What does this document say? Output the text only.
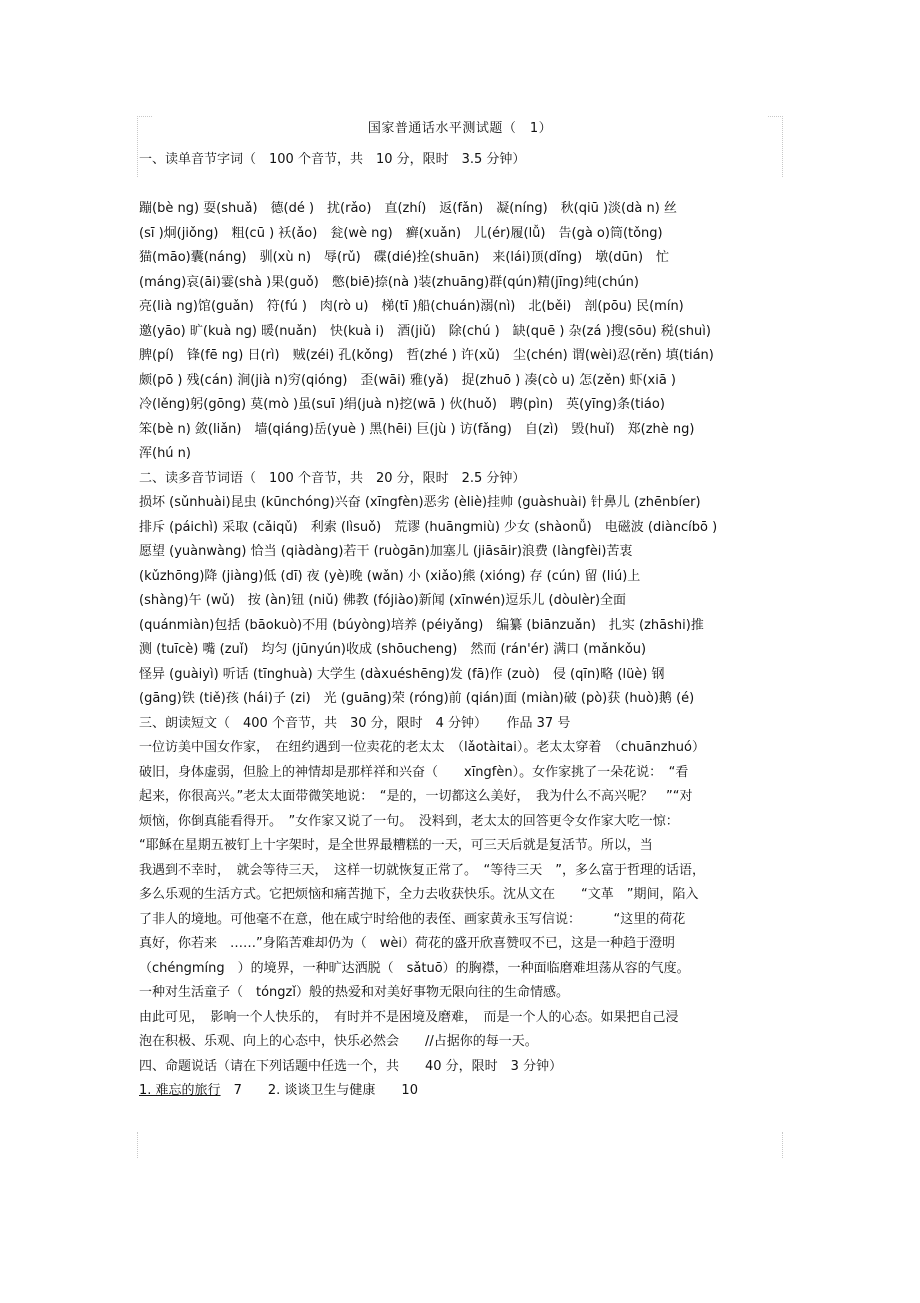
国家普通话水平测试题（　1）
一、读单音节字词（　100 个音节，共　10 分，限时　3.5 分钟）
蹦(bè ng) 耍(shuǎ)　德(dé )　扰(rǎo)　直(zhí)　返(fǎn)　凝(níng)　秋(qiū )淡(dà n) 丝
(sī )炯(jiǒng)　粗(cū ) 袄(ǎo)　瓮(wè ng)　癣(xuǎn)　儿(ér)履(lǚ)　告(gà o)筒(tǒng)
猫(māo)囊(náng)　驯(xù n)　辱(rǔ)　碟(dié)拴(shuān)　来(lái)顶(dǐng)　墩(dūn)　忙
(máng)哀(āi)霎(shà )果(guǒ)　憋(biē)捺(nà )装(zhuāng)群(qún)精(jīng)纯(chún)
亮(lià ng)馆(guǎn)　符(fú )　肉(rò u)　梯(tī )船(chuán)溺(nì)　北(běi)　剖(pōu) 民(mín)
邀(yāo) 旷(kuà ng) 暖(nuǎn)　快(kuà i)　酒(jiǔ)　除(chú )　缺(quē ) 杂(zá )搜(sōu) 税(shuì)
脾(pí)　锋(fē ng) 日(rì)　贼(zéi) 孔(kǒng)　哲(zhé ) 许(xǔ)　尘(chén) 谓(wèi)忍(rěn) 填(tián)
颇(pō ) 残(cán) 涧(jià n)穷(qióng)　歪(wāi) 雅(yǎ)　捉(zhuō ) 凑(cò u) 怎(zěn) 虾(xiā )
冷(lěng)躬(gōng) 莫(mò )虽(suī )绢(juà n)挖(wā ) 伙(huǒ)　聘(pìn)　英(yīng)条(tiáo)
笨(bè n) 敛(liǎn)　墙(qiáng)岳(yuè ) 黑(hēi) 巨(jù ) 访(fǎng)　自(zì)　毁(huǐ)　郑(zhè ng)
浑(hú n)
二、读多音节词语（　100 个音节，共　20 分，限时　2.5 分钟）
损坏 (sǔnhuài)昆虫 (kūnchóng)兴奋 (xīngfèn)恶劣 (èliè)挂帅 (guàshuài) 针鼻儿 (zhēnbíer)
排斥 (páichì) 采取 (cǎiqǔ)　利索 (lìsuǒ)　荒谬 (huāngmiù) 少女 (shàonǚ)　电磁波 (diàncíbō )
愿望 (yuànwàng) 恰当 (qiàdàng)若干 (ruògān)加塞儿 (jiāsāir)浪费 (làngfèi)苦衷
(kǔzhōng)降 (jiàng)低 (dī) 夜 (yè)晚 (wǎn) 小 (xiǎo)熊 (xióng) 存 (cún) 留 (liú)上
(shàng)午 (wǔ)　按 (àn)钮 (niǔ) 佛教 (fójiào)新闻 (xīnwén)逗乐儿 (dòulèr)全面
(quánmiàn)包括 (bāokuò)不用 (búyòng)培养 (péiyǎng)　编纂 (biānzuǎn)　扎实 (zhāshi)推
测 (tuīcè) 嘴 (zuǐ)　均匀 (jūnyún)收成 (shōucheng)　然而 (rán'ér) 满口 (mǎnkǒu)
怪异 (guàiyì) 听话 (tīnghuà) 大学生 (dàxuéshēng)发 (fā)作 (zuò)　侵 (qīn)略 (lüè) 钢
(gāng)铁 (tiě)孩 (hái)子 (zi)　光 (guāng)荣 (róng)前 (qián)面 (miàn)破 (pò)获 (huò)鹅 (é)
三、朗读短文（　400 个音节，共　30 分，限时　4 分钟）　　作品 37 号
一位访美中国女作家，　在纽约遇到一位卖花的老太太　（lǎotàitai）。老太太穿着　（chuānzhuó）
破旧，身体虚弱，但脸上的神情却是那样祥和兴奋（　　xīngfèn）。女作家挑了一朵花说：　“看
起来，你很高兴。”老太太面带微笑地说：　“是的，一切都这么美好，　我为什么不高兴呢？　”“对
烦恼，你倒真能看得开。　”女作家又说了一句。　没料到，老太太的回答更令女作家大吃一惊：
“耶稣在星期五被钉上十字架时，是全世界最糟糕的一天，可三天后就是复活节。所以，当
我遇到不幸时，　就会等待三天，　这样一切就恢复正常了。　“等待三天　”，多么富于哲理的话语，
多么乐观的生活方式。它把烦恼和痛苦抛下，全力去收获快乐。沈从文在　　“文革　”期间，陷入
了非人的境地。可他毫不在意，他在咸宁时给他的表侄、画家黄永玉写信说：　　　“这里的荷花
真好，你若来　……”身陷苦难却仍为（　wèi）荷花的盛开欣喜赞叹不已，这是一种趋于澄明
（chéngmíng　）的境界，一种旷达洒脱（　sǎtuō）的胸襟，一种面临磨难坦荡从容的气度。
一种对生活童子（　tóngzǐ）般的热爱和对美好事物无限向往的生命情感。
由此可见，　影响一个人快乐的，　有时并不是困境及磨难，　而是一个人的心态。如果把自己浸
泡在积极、乐观、向上的心态中，快乐必然会　　//占据你的每一天。
四、命题说话（请在下列话题中任选一个，共　　40 分，限时　3 分钟）
1. 难忘的旅行　 7　　 2. 谈谈卫生与健康　　 10
